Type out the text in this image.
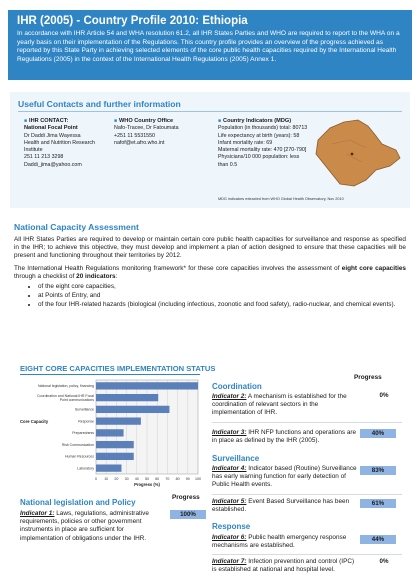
IHR (2005) - Country Profile 2010: Ethiopia

In accordance with IHR Article 54 and WHA resolution 61.2, all IHR States Parties and WHO are required to report to the WHA on a yearly basis on their implementation of the Regulations. This country profile provides an overview of the progress achieved as reported by this State Party in achieving selected elements of the core public health capacities required by the International Health Regulations (2005) in the context of the International Health Regulations (2005) Annex 1.

Useful Contacts and further information
■ IHR CONTACT:
National Focal Point
Dr Daddi Jima Wayessa
Health and Nutrition Research
Institute
251 11 213 3298
Daddi_jima@yahoo.com
■ WHO Country Office
Nafo-Tracee, Dr Fatoumata
+251 11 5531550
nafof@et.afro.who.int
■ Country Indicators (MDG)
Population (in thousands) total: 80713
Life expectancy at birth (years): 58
Infant mortality rate: 69
Maternal mortality rate: 470 [270-790]
Physicians/10 000 population: less than 0.5
MDG indicators extracted from WHO Global Health Observatory, Nov 2010
National Capacity Assessment

All IHR States Parties are required to develop or maintain certain core public health capacities for surveillance and response as specified in the IHR; to achieve this objective, they must develop and implement a plan of action designed to ensure that these capacities will be present and functioning throughout their territories by 2012.

The International Health Regulations monitoring framework* for these core capacities involves the assessment of eight core capacities through a checklist of 20 indicators:

• of the eight core capacities,
• at Points of Entry, and
• of the four IHR-related hazards (biological (including infectious, zoonotic and food safety), radio-nuclear, and chemical events).
EIGHT CORE CAPACITIES IMPLEMENTATION STATUS
0 10 20 30 40 50 60 70 80 90 100
National legislation, policy, financing
Coordination and National IHR Focal Point communications
Surveillance
Response
Preparedness
Risk Communication
Human Resources
Laboratory
Core Capacity
Progress (%)
National legislation and Policy
Progress
Indicator 1: Laws, regulations, administrative requirements, policies or other government instruments in place are sufficient for implementation of obligations under the IHR.
100%
Progress
Coordination
Indicator 2: A mechanism is established for the coordination of relevant sectors in the implementation of IHR.
0%
Indicator 3: IHR NFP functions and operations are in place as defined by the IHR (2005).
40%
Surveillance
Indicator 4: Indicator based (Routine) Surveillance has early warning function for early detection of Public Health events.
83%
Indicator 5: Event Based Surveillance has been established.
61%
Response
Indicator 6: Public health emergency response mechanisms are established.
44%
Indicator 7: Infection prevention and control (IPC) is established at national and hospital level.
0%
